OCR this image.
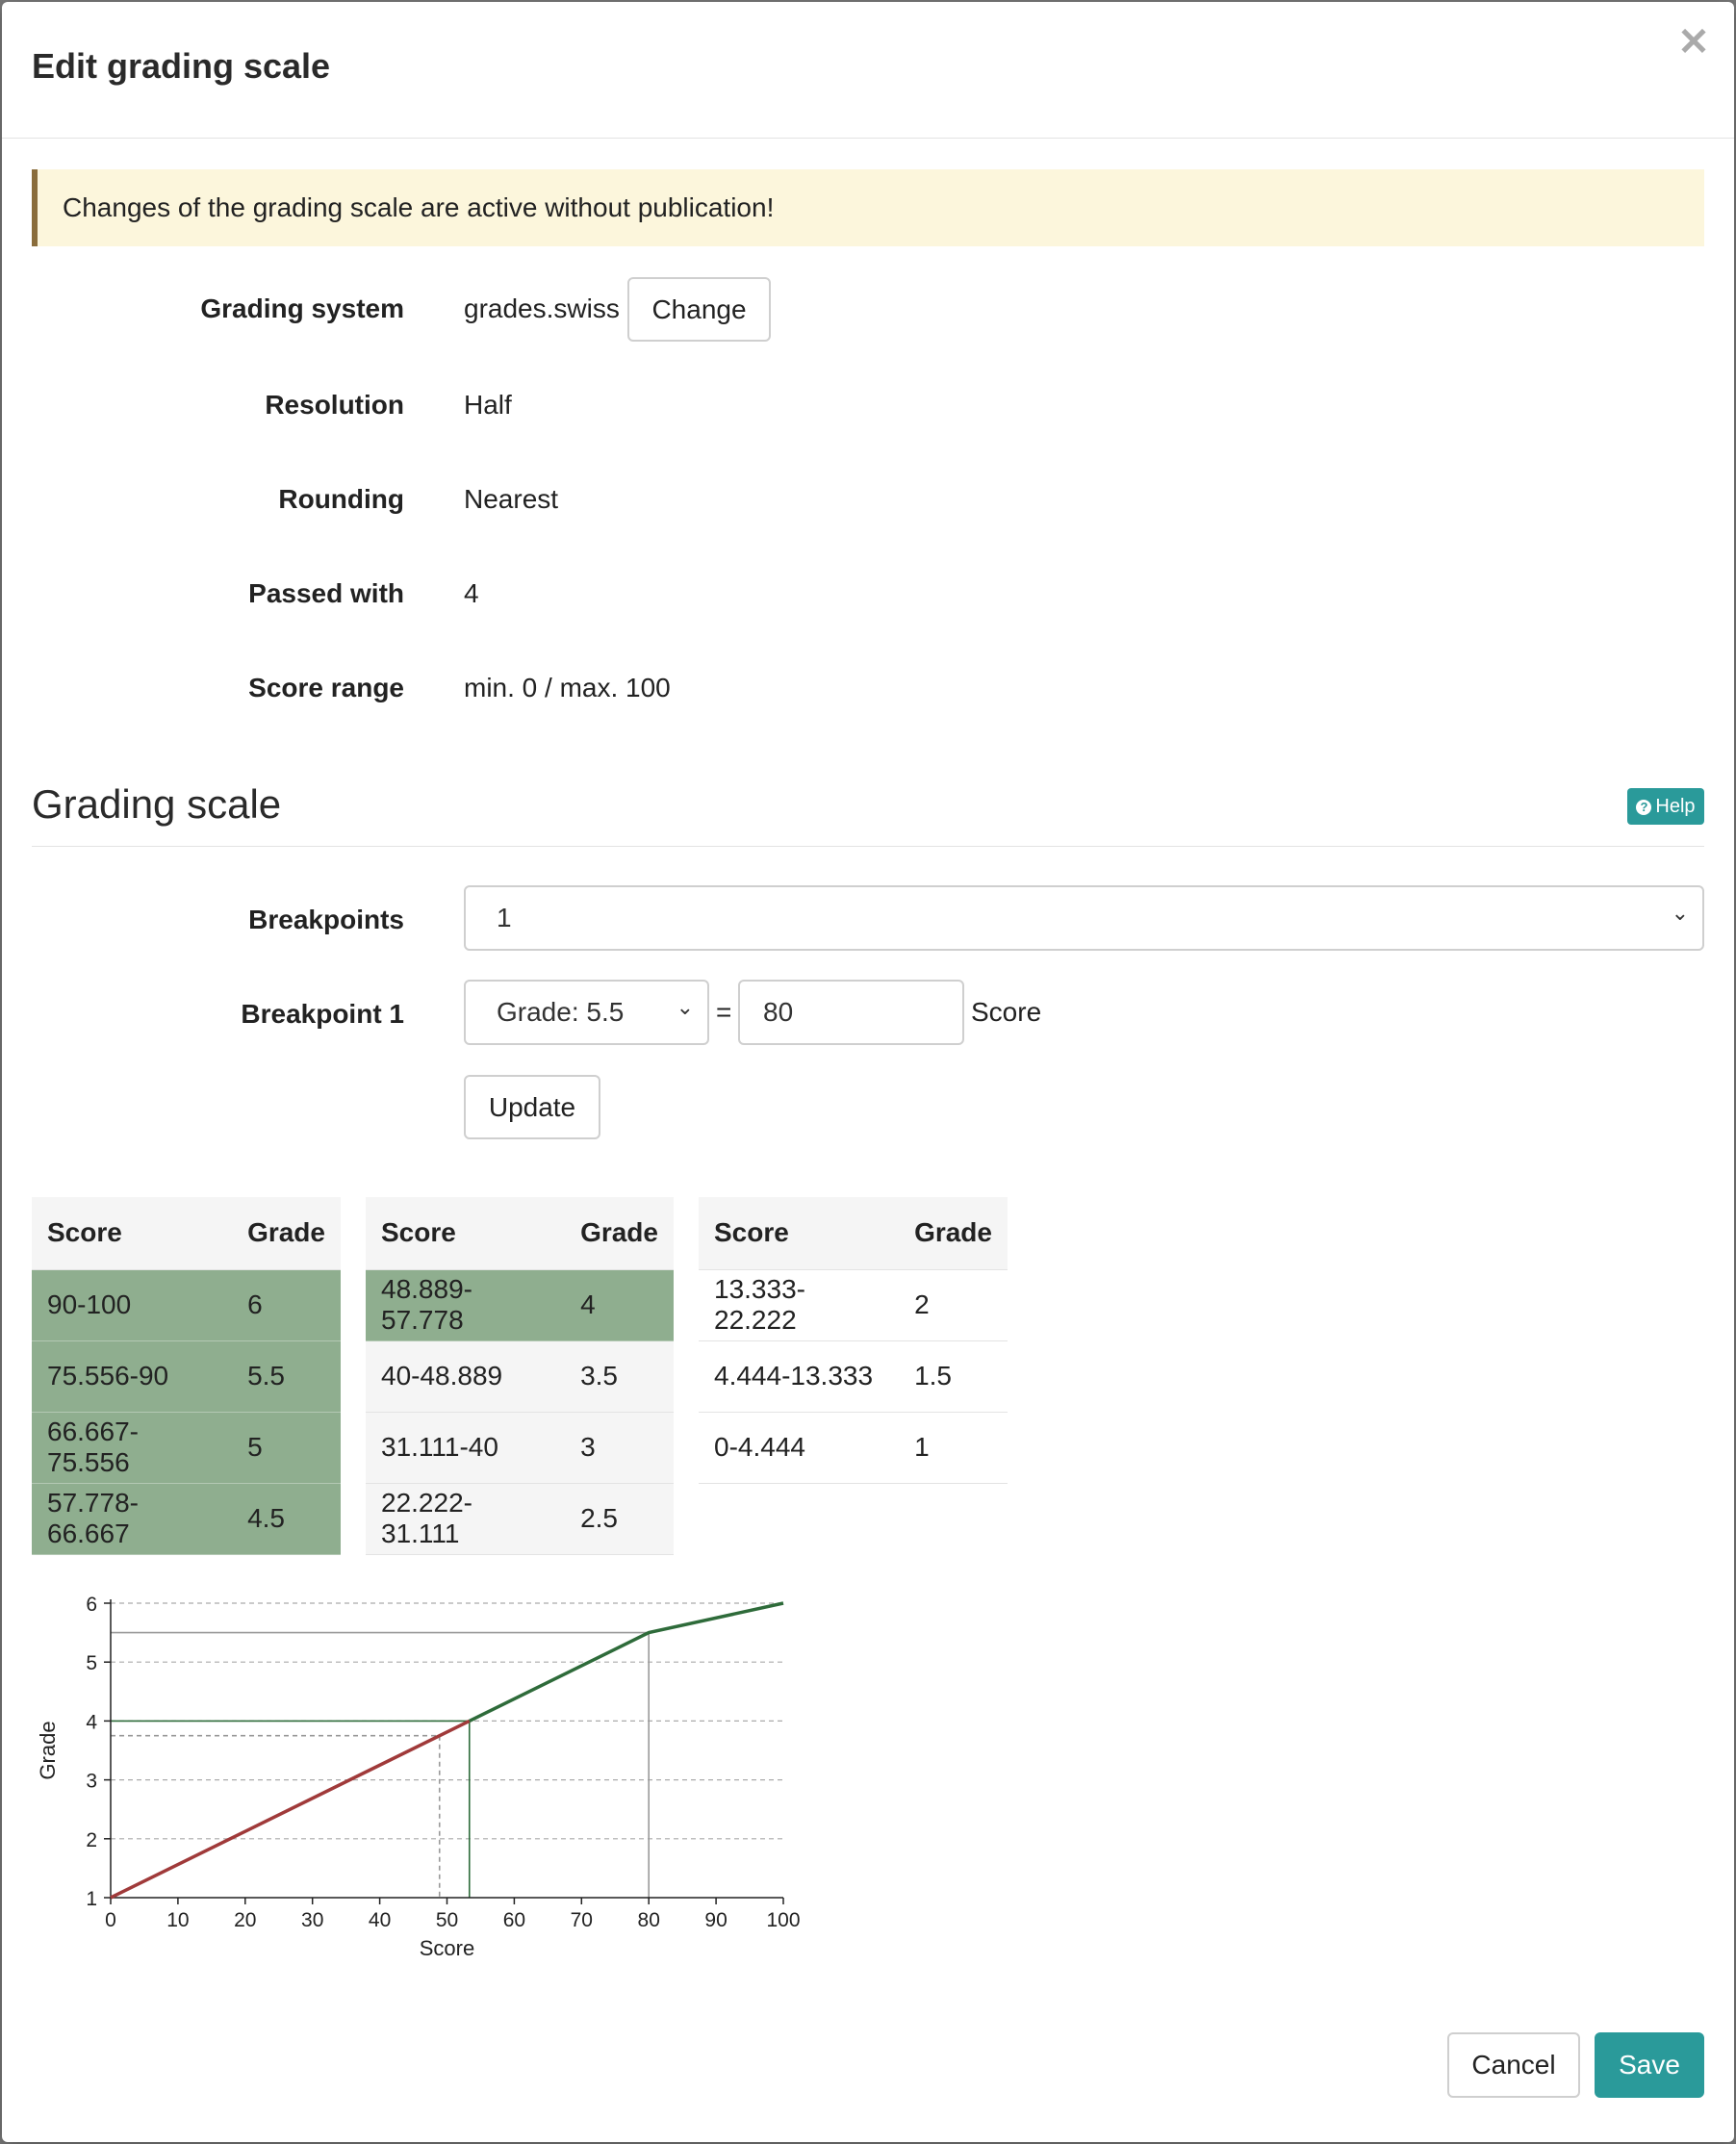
Edit grading scale
✕
Changes of the grading scale are active without publication!
Grading system grades.swiss	Change
Resolution Half
Rounding Nearest
Passed with 4
Score range min. 0 / max. 100
Grading scale	? Help
Breakpoints	1	⌄
Breakpoint 1	Grade: 5.5 ⌄ = 80	Score
Update
Score	Grade
90-100	6
75.556-90	5.5
66.667-75.556	5
57.778-66.667	4.5
Score	Grade
48.889-57.778	4
40-48.889	3.5
31.111-40	3
22.222-31.111	2.5
Score	Grade
13.333-22.222	2
4.444-13.333	1.5
0-4.444	1
0 10 20 30 40 50 60 70 80 90 100
1
2
3
4
5
6
Score
Grade
Cancel	Save
